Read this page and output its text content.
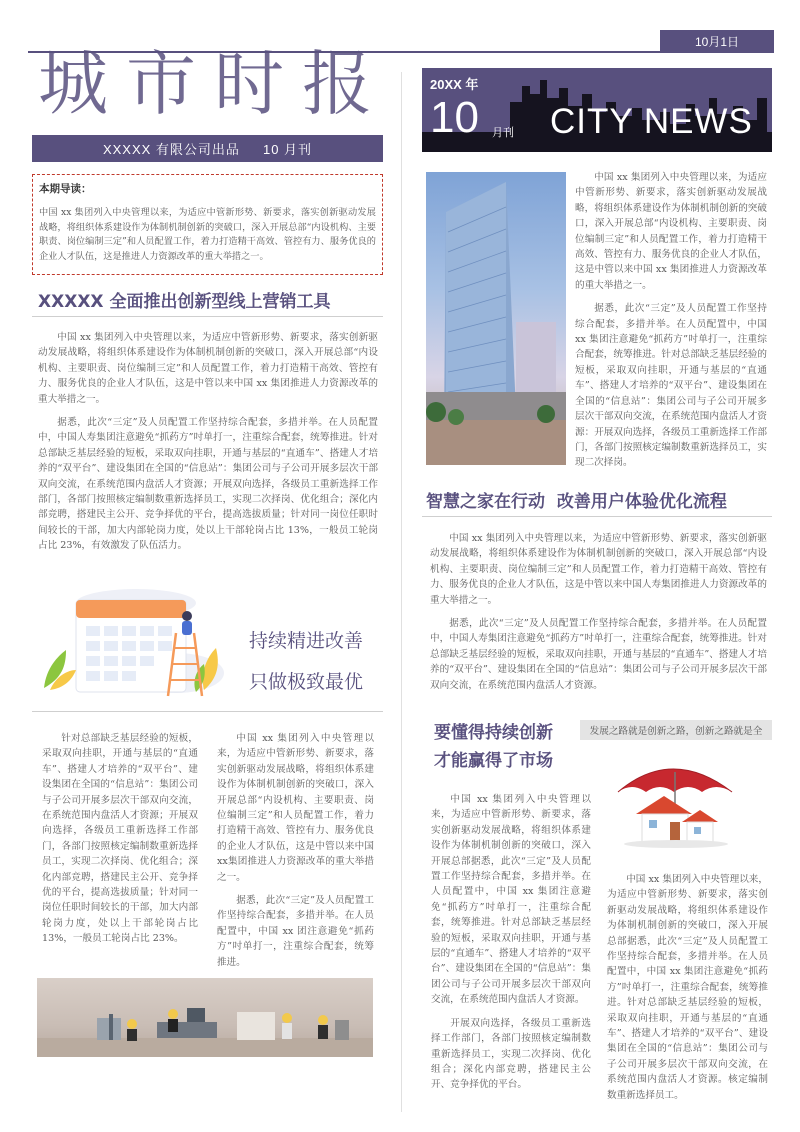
10月1日
城市时报
XXXXX 有限公司出品     10 月刊
本期导读：
中国 xx 集团列入中央管理以来，为适应中管新形势、新要求，落实创新驱动发展战略，将组织体系建设作为体制机制创新的突破口，深入开展总部“内设机构、主要职责、岗位编制三定”和人员配置工作，着力打造精干高效、管控有力、服务优良的企业人才队伍，这是推进人力资源改革的重大举措之一。
XXXXX 全面推出创新型线上营销工具

中国 xx 集团列入中央管理以来，为适应中管新形势、新要求，落实创新驱动发展战略，将组织体系建设作为体制机制创新的突破口，深入开展总部“内设机构、主要职责、岗位编制三定”和人员配置工作，着力打造精干高效、管控有力、服务优良的企业人才队伍，这是中管以来中国 xx 集团推进人力资源改革的重大举措之一。

据悉，此次“三定”及人员配置工作坚持综合配套，多措并举。在人员配置中，中国人寿集团注意避免“抓药方”吋单打一，注重综合配套，统筹推进。针对总部缺乏基层经验的短板，采取双向挂职，开通与基层的“直通车”、搭建人才培养的“双平台”、建设集团在全国的“信息站”：集团公司与子公司开展多层次干部双向交流，在系统范围内盘活人才资源；开展双向选择，各级员工重新选择工作部门，各部门按照核定编制数重新选择员工，实现二次择岗、优化组合；深化内部竞聘，搭建民主公开、竞争择优的平台，提高选拔质量；针对同一岗位任职时间较长的干部，加大内部轮岗力度，处以上干部轮岗占比 13%，一般员工轮岗占比 23%，有效激发了队伍活力。

持续精进改善
只做极致最优

针对总部缺乏基层经验的短板，采取双向挂职，开通与基层的“直通车”、搭建人才培养的“双平台”、建设集团在全国的“信息站”：集团公司与子公司开展多层次干部双向交流，在系统范围内盘活人才资源；开展双向选择，各级员工重新选择工作部门，各部门按照核定编制数重新选择员工，实现二次择岗、优化组合；深化内部竞聘，搭建民主公开、竞争择优的平台，提高选拔质量；针对同一岗位任职时间较长的干部，加大内部轮岗力度，处以上干部轮岗占比 13%，一般员工轮岗占比 23%。

中国 xx 集团列入中央管理以来，为适应中管新形势、新要求，落实创新驱动发展战略，将组织体系建设作为体制机制创新的突破口，深入开展总部“内设机构、主要职责、岗位编制三定”和人员配置工作，着力打造精干高效、管控有力、服务优良的企业人才队伍，这是中管以来中国xx集团推进人力资源改革的重大举措之一。

据悉，此次“三定”及人员配置工作坚持综合配套，多措并举。在人员配置中，中国 xx 团注意避免“抓药方”吋单打一，注重综合配套，统筹推进。

20XX 年
10 月刊 CITY NEWS

中国 xx 集团列入中央管理以来，为适应中管新形势、新要求，落实创新驱动发展战略，将组织体系建设作为体制机制创新的突破口，深入开展总部“内设机构、主要职责、岗位编制三定”和人员配置工作，着力打造精干高效、管控有力、服务优良的企业人才队伍，这是中管以来中国 xx 集团推进人力资源改革的重大举措之一。

据悉，此次“三定”及人员配置工作坚持综合配套，多措并举。在人员配置中，中国 xx 集团注意避免“抓药方”吋单打一，注重综合配套，统筹推进。针对总部缺乏基层经验的短板，采取双向挂职，开通与基层的“直通车”、搭建人才培养的“双平台”、建设集团在全国的“信息站”：集团公司与子公司开展多层次干部双向交流，在系统范围内盘活人才资源：开展双向选择，各级员工重新选择工作部门，各部门按照核定编制数重新选择员工，实现二次择岗。

智慧之家在行动  改善用户体验优化流程

中国 xx 集团列入中央管理以来，为适应中管新形势、新要求，落实创新驱动发展战略，将组织体系建设作为体制机制创新的突破口，深入开展总部“内设机构、主要职责、岗位编制三定”和人员配置工作，着力打造精干高效、管控有力、服务优良的企业人才队伍，这是中管以来中国人寿集团推进人力资源改革的重大举措之一。

据悉，此次“三定”及人员配置工作坚持综合配套，多措并举。在人员配置中，中国人寿集团注意避免“抓药方”吋单打一，注重综合配套，统筹推进。针对总部缺乏基层经验的短板，采取双向挂职，开通与基层的“直通车”、搭建人才培养的“双平台”、建设集团在全国的“信息站”：集团公司与子公司开展多层次干部双向交流，在系统范围内盘活人才资源。

要懂得持续创新
才能赢得了市场
发展之路就是创新之路，创新之路就是全

中国 xx 集团列入中央管理以来，为适应中管新形势、新要求，落实创新驱动发展战略，将组织体系建设作为体制机制创新的突破口，深入开展总部据悉，此次“三定”及人员配置工作坚持综合配套，多措并举。在人员配置中，中国 xx 集团注意避免“抓药方”吋单打一，注重综合配套，统筹推进。针对总部缺乏基层经验的短板，采取双向挂职，开通与基层的“直通车”、搭建人才培养的“双平台”、建设集团在全国的“信息站”：集团公司与子公司开展多层次干部双向交流，在系统范围内盘活人才资源。

开展双向选择，各级员工重新选择工作部门，各部门按照核定编制数重新选择员工，实现二次择岗、优化组合；深化内部竞聘，搭建民主公开、竞争择优的平台。

中国 xx 集团列入中央管理以来，为适应中管新形势、新要求，落实创新驱动发展战略，将组织体系建设作为体制机制创新的突破口，深入开展总部据悉，此次“三定”及人员配置工作坚持综合配套，多措并举。在人员配置中，中国 xx 集团注意避免“抓药方”吋单打一，注重综合配套，统筹推进。针对总部缺乏基层经验的短板，采取双向挂职，开通与基层的“直通车”、搭建人才培养的“双平台”、建设集团在全国的“信息站”：集团公司与子公司开展多层次干部双向交流，在系统范围内盘活人才资源。核定编制数重新选择员工。
